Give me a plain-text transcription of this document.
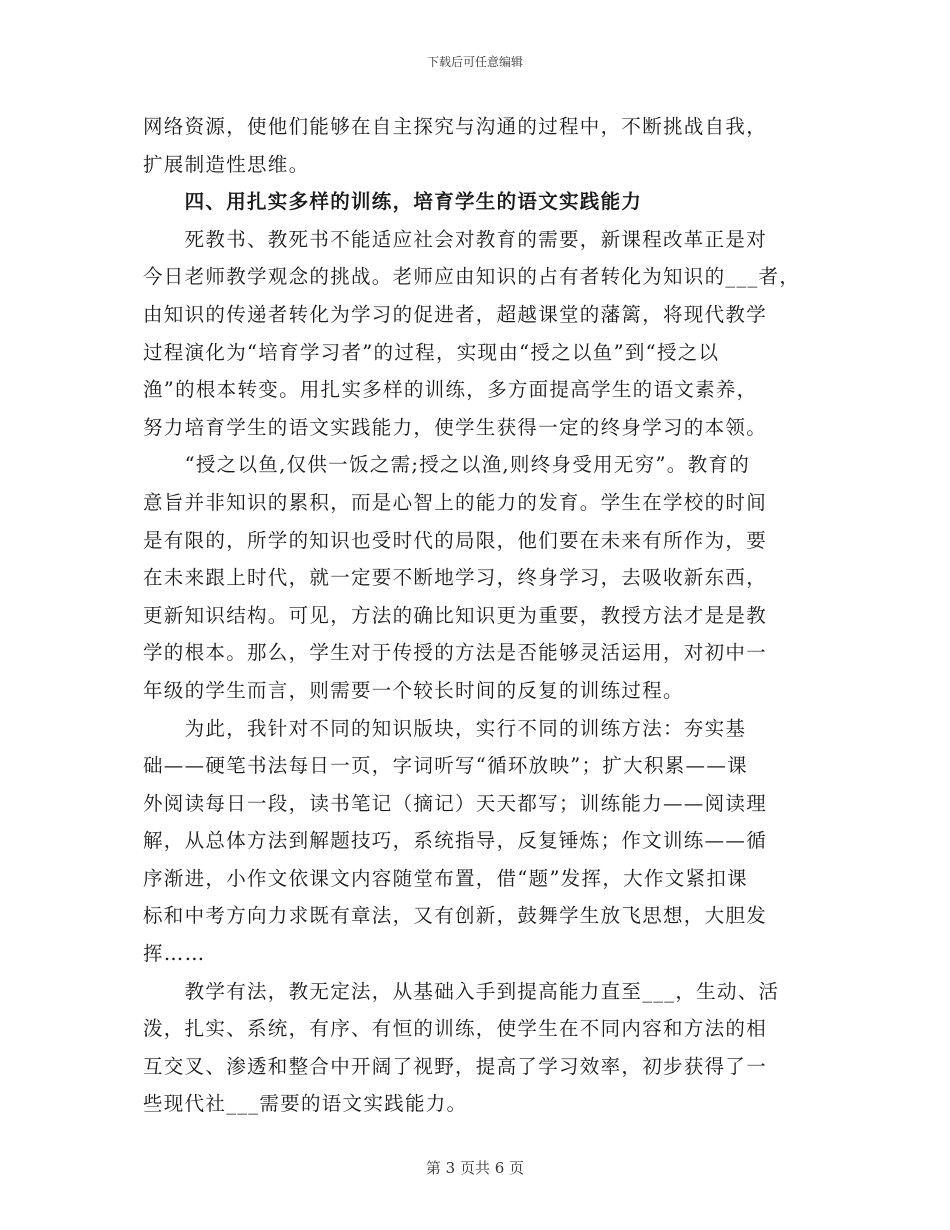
下载后可任意编辑
网络资源，使他们能够在自主探究与沟通的过程中，不断挑战自我，
扩展制造性思维。
　　四、用扎实多样的训练，培育学生的语文实践能力
　　死教书、教死书不能适应社会对教育的需要，新课程改革正是对
今日老师教学观念的挑战。老师应由知识的占有者转化为知识的___者，
由知识的传递者转化为学习的促进者，超越课堂的藩篱，将现代教学
过程演化为“培育学习者”的过程，实现由“授之以鱼”到“授之以
渔”的根本转变。用扎实多样的训练，多方面提高学生的语文素养，
努力培育学生的语文实践能力，使学生获得一定的终身学习的本领。
　　“授之以鱼,仅供一饭之需;授之以渔,则终身受用无穷”。教育的
意旨并非知识的累积，而是心智上的能力的发育。学生在学校的时间
是有限的，所学的知识也受时代的局限，他们要在未来有所作为，要
在未来跟上时代，就一定要不断地学习，终身学习，去吸收新东西，
更新知识结构。可见，方法的确比知识更为重要，教授方法才是是教
学的根本。那么，学生对于传授的方法是否能够灵活运用，对初中一
年级的学生而言，则需要一个较长时间的反复的训练过程。
　　为此，我针对不同的知识版块，实行不同的训练方法：夯实基
础——硬笔书法每日一页，字词听写“循环放映”；扩大积累——课
外阅读每日一段，读书笔记（摘记）天天都写；训练能力——阅读理
解，从总体方法到解题技巧，系统指导，反复锤炼；作文训练——循
序渐进，小作文依课文内容随堂布置，借“题”发挥，大作文紧扣课
标和中考方向力求既有章法，又有创新，鼓舞学生放飞思想，大胆发
挥……
　　教学有法，教无定法，从基础入手到提高能力直至___，生动、活
泼，扎实、系统，有序、有恒的训练，使学生在不同内容和方法的相
互交叉、渗透和整合中开阔了视野，提高了学习效率，初步获得了一
些现代社___需要的语文实践能力。
第 3 页共 6 页
